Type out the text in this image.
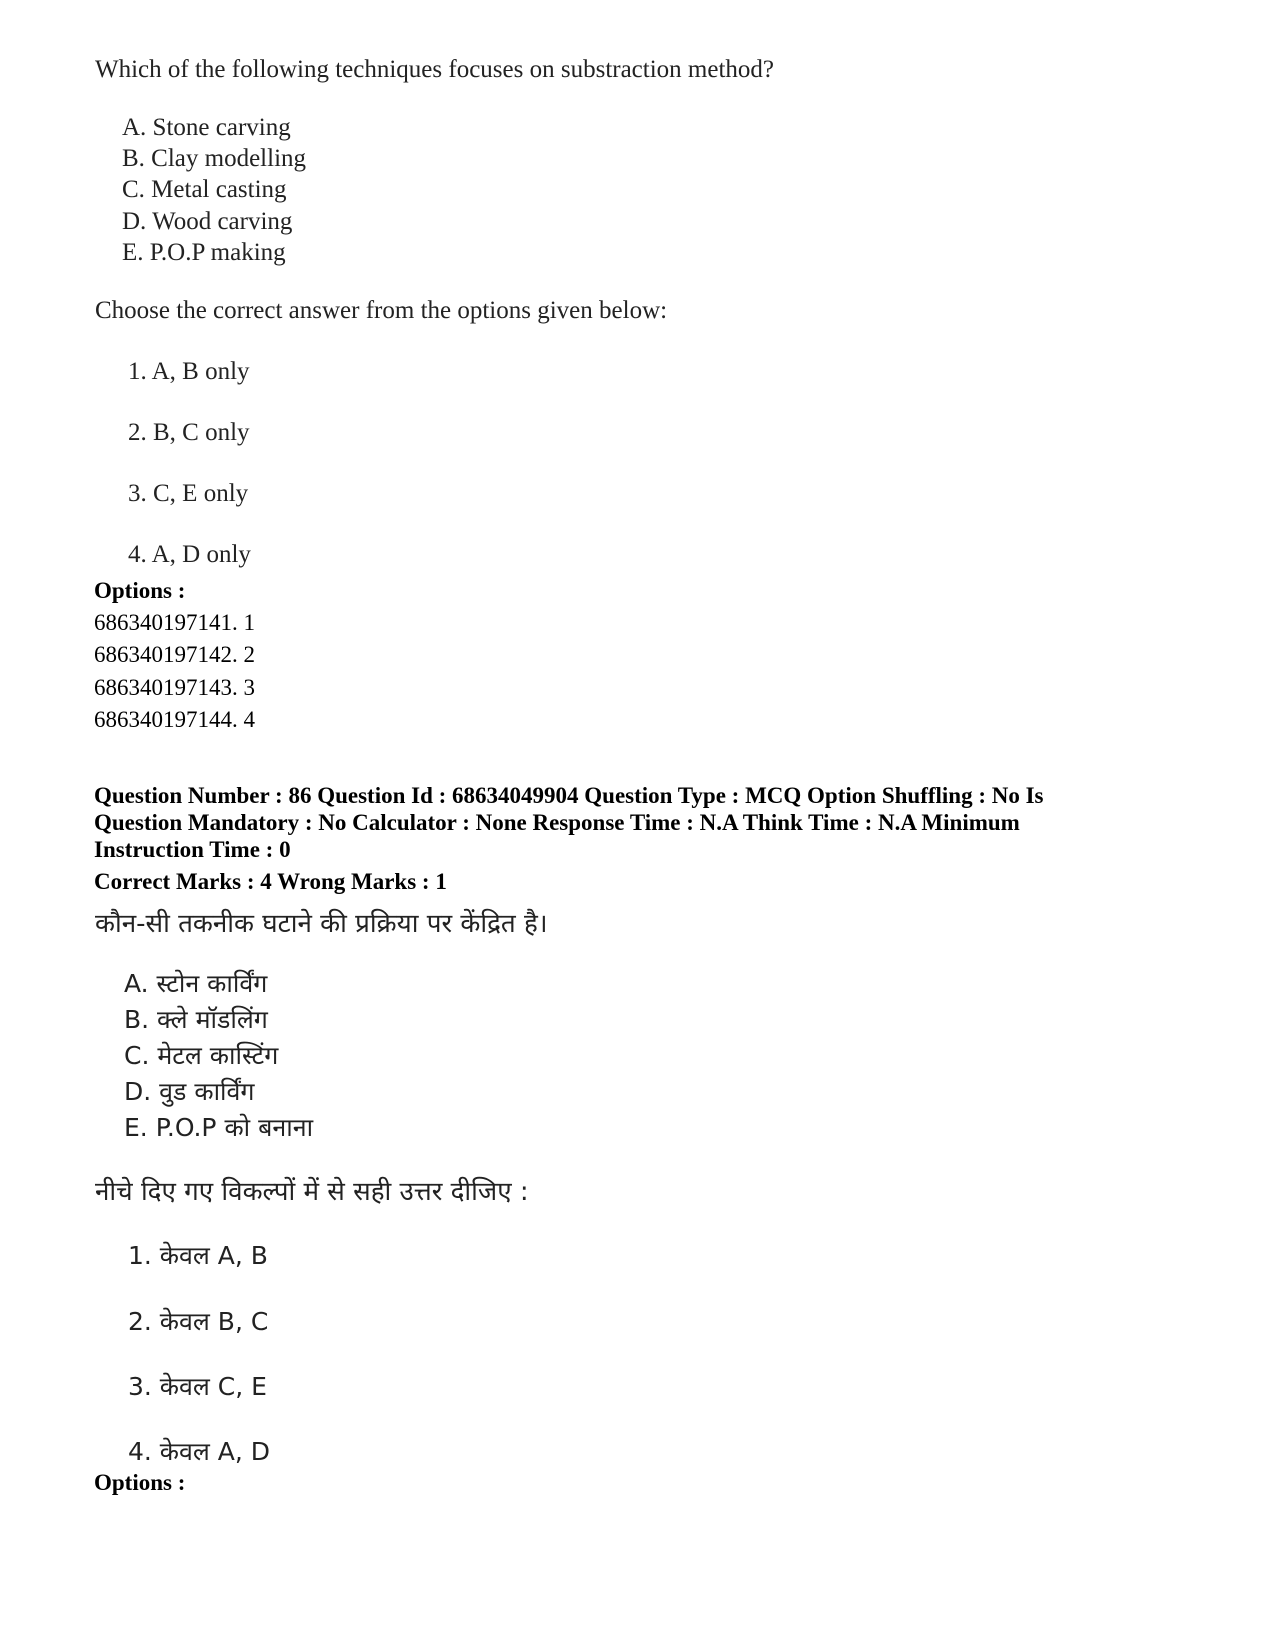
Which of the following techniques focuses on substraction method?
A. Stone carving
B. Clay modelling
C. Metal casting
D. Wood carving
E. P.O.P making
Choose the correct answer from the options given below:
1. A, B only
2. B, C only
3. C, E only
4. A, D only
Options :
686340197141. 1
686340197142. 2
686340197143. 3
686340197144. 4
Question Number : 86 Question Id : 68634049904 Question Type : MCQ Option Shuffling : No Is
Question Mandatory : No Calculator : None Response Time : N.A Think Time : N.A Minimum
Instruction Time : 0
Correct Marks : 4 Wrong Marks : 1
कौन-सी तकनीक घटाने की प्रक्रिया पर केंद्रित है।
A. स्टोन कार्विंग
B. क्ले मॉडलिंग
C. मेटल कास्टिंग
D. वुड कार्विंग
E. P.O.P को बनाना
नीचे दिए गए विकल्पों में से सही उत्तर दीजिए :
1. केवल A, B
2. केवल B, C
3. केवल C, E
4. केवल A, D
Options :
